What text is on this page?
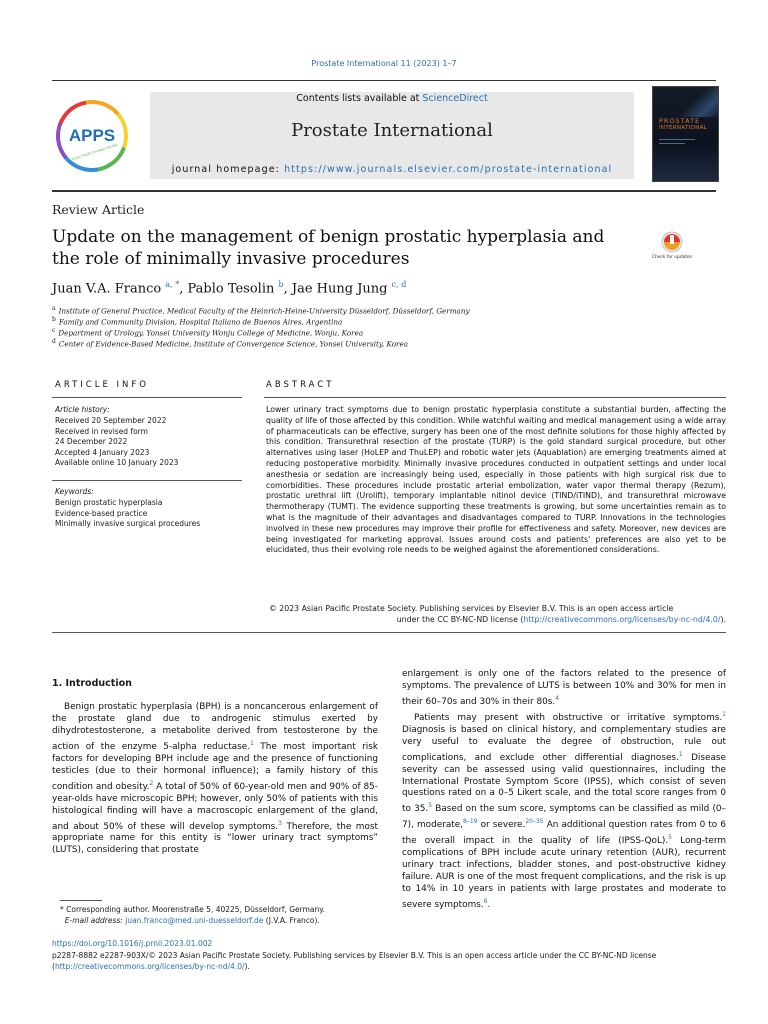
Prostate International 11 (2023) 1–7
APPS
Asian Pacific Prostate Society
Contents lists available at ScienceDirect
Prostate International
journal homepage: https://www.journals.elsevier.com/prostate-international
PROSTATE
INTERNATIONAL
Review Article
Update on the management of benign prostatic hyperplasia and the role of minimally invasive procedures	Check for updates
Juan V.A. Franco $^{a, *}$, Pablo Tesolin $^b$, Jae Hung Jung $^{c, d}$
$^a$ Institute of General Practice, Medical Faculty of the Heinrich-Heine-University Düsseldorf, Düsseldorf, Germany
$^b$ Family and Community Division, Hospital Italiano de Buenos Aires, Argentina
$^c$ Department of Urology, Yonsei University Wonju College of Medicine, Wonju, Korea
$^d$ Center of Evidence-Based Medicine, Institute of Convergence Science, Yonsei University, Korea
ARTICLE INFO
Article history:
Received 20 September 2022
Received in revised form
24 December 2022
Accepted 4 January 2023
Available online 10 January 2023
Keywords:
Benign prostatic hyperplasia
Evidence-based practice
Minimally invasive surgical procedures
ABSTRACT
Lower urinary tract symptoms due to benign prostatic hyperplasia constitute a substantial burden, affecting the quality of life of those affected by this condition. While watchful waiting and medical management using a wide array of pharmaceuticals can be effective, surgery has been one of the most definite solutions for those highly affected by this condition. Transurethral resection of the prostate (TURP) is the gold standard surgical procedure, but other alternatives using laser (HoLEP and ThuLEP) and robotic water jets (Aquablation) are emerging treatments aimed at reducing postoperative morbidity. Minimally invasive procedures conducted in outpatient settings and under local anesthesia or sedation are increasingly being used, especially in those patients with high surgical risk due to comorbidities. These procedures include prostatic arterial embolization, water vapor thermal therapy (Rezum), prostatic urethral lift (Urolift), temporary implantable nitinol device (TIND/iTIND), and transurethral microwave thermotherapy (TUMT). The evidence supporting these treatments is growing, but some uncertainties remain as to what is the magnitude of their advantages and disadvantages compared to TURP. Innovations in the technologies involved in these new procedures may improve their profile for effectiveness and safety. Moreover, new devices are being investigated for marketing approval. Issues around costs and patients' preferences are also yet to be elucidated, thus their evolving role needs to be weighed against the aforementioned considerations.
© 2023 Asian Pacific Prostate Society. Publishing services by Elsevier B.V. This is an open access article
under the CC BY-NC-ND license (http://creativecommons.org/licenses/by-nc-nd/4.0/).
1. Introduction

Benign prostatic hyperplasia (BPH) is a noncancerous enlargement of the prostate gland due to androgenic stimulus exerted by dihydrotestosterone, a metabolite derived from testosterone by the action of the enzyme 5-alpha reductase.$^1$ The most important risk factors for developing BPH include age and the presence of functioning testicles (due to their hormonal influence); a family history of this condition and obesity.$^2$ A total of 50% of 60-year-old men and 90% of 85-year-olds have microscopic BPH; however, only 50% of patients with this histological finding will have a macroscopic enlargement of the gland, and about 50% of these will develop symptoms.$^3$ Therefore, the most appropriate name for this entity is “lower urinary tract symptoms” (LUTS), considering that prostate

enlargement is only one of the factors related to the presence of symptoms. The prevalence of LUTS is between 10% and 30% for men in their 60–70s and 30% in their 80s.$^4$

Patients may present with obstructive or irritative symptoms.$^1$ Diagnosis is based on clinical history, and complementary studies are very useful to evaluate the degree of obstruction, rule out complications, and exclude other differential diagnoses.$^1$ Disease severity can be assessed using valid questionnaires, including the International Prostate Symptom Score (IPSS), which consist of seven questions rated on a 0–5 Likert scale, and the total score ranges from 0 to 35.$^5$ Based on the sum score, symptoms can be classified as mild (0–7), moderate,$^{8-19}$ or severe.$^{20-35}$ An additional question rates from 0 to 6 the overall impact in the quality of life (IPSS-QoL).$^5$ Long-term complications of BPH include acute urinary retention (AUR), recurrent urinary tract infections, bladder stones, and post-obstructive kidney failure. AUR is one of the most frequent complications, and the risk is up to 14% in 10 years in patients with large prostates and moderate to severe symptoms.$^6$.

* Corresponding author. Moorenstraße 5, 40225, Düsseldorf, Germany.
E-mail address: juan.franco@med.uni-duesseldorf.de (J.V.A. Franco).
https://doi.org/10.1016/j.prnil.2023.01.002
p2287-8882 e2287-903X/© 2023 Asian Pacific Prostate Society. Publishing services by Elsevier B.V. This is an open access article under the CC BY-NC-ND license (http://creativecommons.org/licenses/by-nc-nd/4.0/).
